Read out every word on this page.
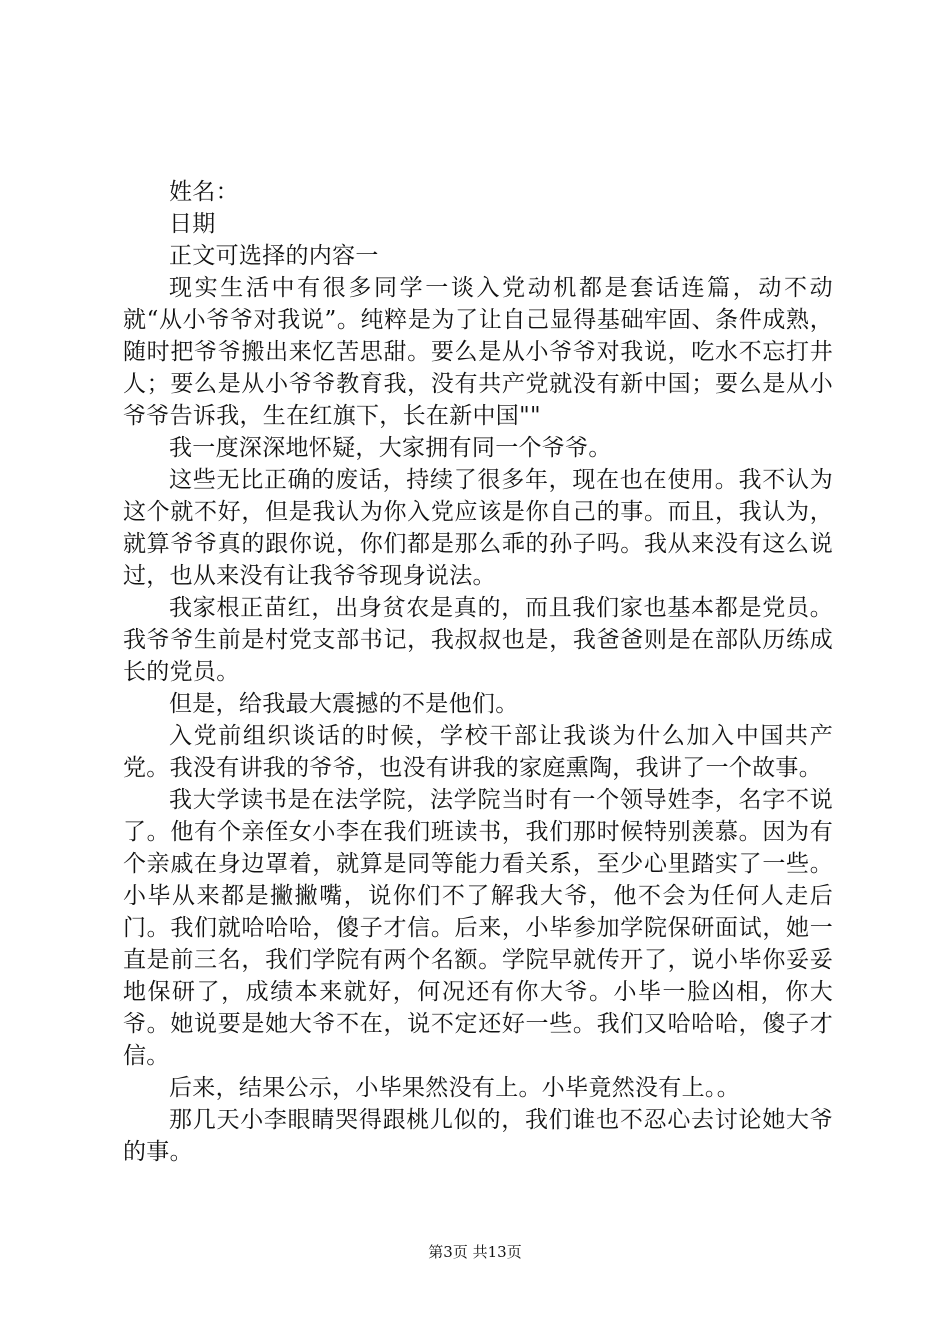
姓名：

日期

正文可选择的内容一

现实生活中有很多同学一谈入党动机都是套话连篇，动不动就“从小爷爷对我说”。纯粹是为了让自己显得基础牢固、条件成熟，随时把爷爷搬出来忆苦思甜。要么是从小爷爷对我说，吃水不忘打井人；要么是从小爷爷教育我，没有共产党就没有新中国；要么是从小爷爷告诉我，生在红旗下，长在新中国""

我一度深深地怀疑，大家拥有同一个爷爷。

这些无比正确的废话，持续了很多年，现在也在使用。我不认为这个就不好，但是我认为你入党应该是你自己的事。而且，我认为，就算爷爷真的跟你说，你们都是那么乖的孙子吗。我从来没有这么说过，也从来没有让我爷爷现身说法。

我家根正苗红，出身贫农是真的，而且我们家也基本都是党员。我爷爷生前是村党支部书记，我叔叔也是，我爸爸则是在部队历练成长的党员。

但是，给我最大震撼的不是他们。

入党前组织谈话的时候，学校干部让我谈为什么加入中国共产党。我没有讲我的爷爷，也没有讲我的家庭熏陶，我讲了一个故事。

我大学读书是在法学院，法学院当时有一个领导姓李，名字不说了。他有个亲侄女小李在我们班读书，我们那时候特别羡慕。因为有个亲戚在身边罩着，就算是同等能力看关系，至少心里踏实了一些。小毕从来都是撇撇嘴，说你们不了解我大爷，他不会为任何人走后门。我们就哈哈哈，傻子才信。后来，小毕参加学院保研面试，她一直是前三名，我们学院有两个名额。学院早就传开了，说小毕你妥妥地保研了，成绩本来就好，何况还有你大爷。小毕一脸凶相，你大爷。她说要是她大爷不在，说不定还好一些。我们又哈哈哈，傻子才信。

后来，结果公示，小毕果然没有上。小毕竟然没有上。。

那几天小李眼睛哭得跟桃儿似的，我们谁也不忍心去讨论她大爷的事。

第3页 共13页
